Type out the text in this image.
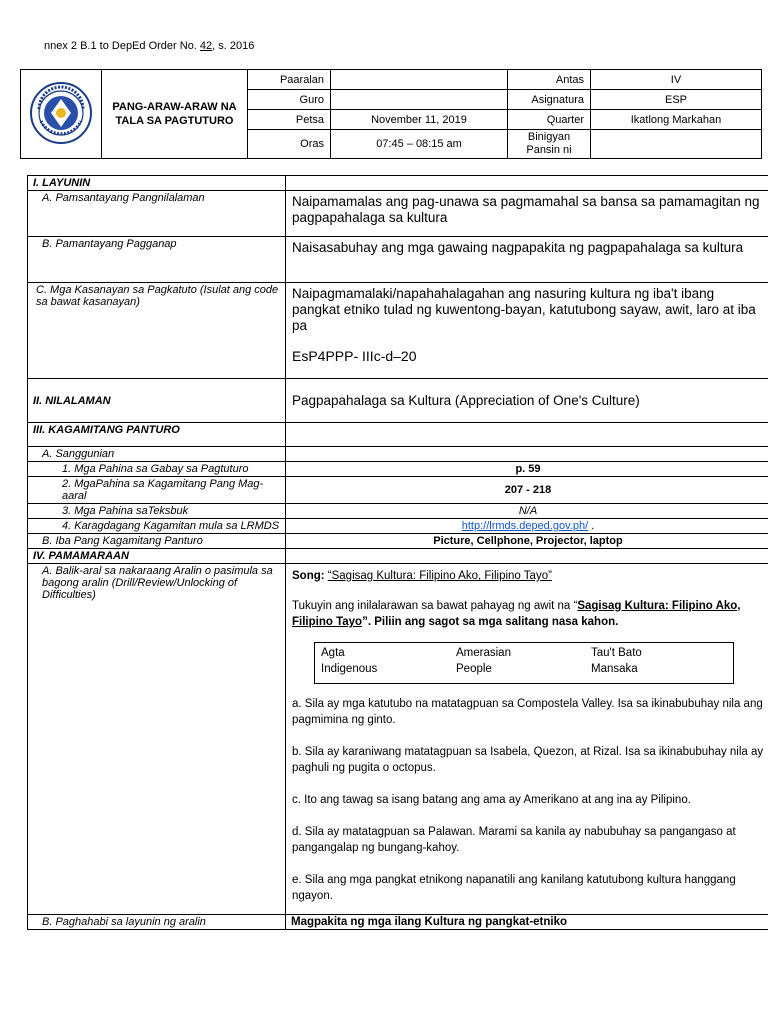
nnex 2 B.1 to DepEd Order No. 42, s. 2016
	PANG-ARAW-ARAW NA TALA SA PAGTUTURO	Paaralan		Antas	IV
		Guro		Asignatura	ESP
		Petsa	November 11, 2019	Quarter	Ikatlong Markahan
		Oras	07:45 – 08:15 am	Binigyan Pansin ni	
I. LAYUNIN	
A. Pamsantayang Pangnilalaman	Naipamamalas ang pag-unawa sa pagmamahal sa bansa sa pamamagitan ng pagpapahalaga sa kultura
B. Pamantayang Pagganap	Naisasabuhay ang mga gawaing nagpapakita ng pagpapahalaga sa kultura
C. Mga Kasanayan sa Pagkatuto (Isulat ang code sa bawat kasanayan)	Naipagmamalaki/napahahalagahan ang nasuring kultura ng iba't ibang pangkat etniko tulad ng kuwentong-bayan, katutubong sayaw, awit, laro at iba pa
EsP4PPP- IIIc-d–20

II. NILALAMAN	Pagpapahalaga sa Kultura (Appreciation of One's Culture)
III. KAGAMITANG PANTURO	
A. Sanggunian	
1. Mga Pahina sa Gabay sa Pagtuturo	p. 59
2. MgaPahina sa Kagamitang Pang Mag-aaral	207 - 218
3. Mga Pahina saTeksbuk	N/A
4. Karagdagang Kagamitan mula sa LRMDS	http://lrmds.deped.gov.ph/ .
B. Iba Pang Kagamitang Panturo	Picture, Cellphone, Projector, laptop
IV. PAMAMARAAN	
A. Balik-aral sa nakaraang Aralin o pasimula sa bagong aralin (Drill/Review/Unlocking of Difficulties)	

Song: “Sagisag Kultura: Filipino Ako, Filipino Tayo”

Tukuyin ang inilalarawan sa bawat pahayag ng awit na “Sagisag Kultura: Filipino Ako, Filipino Tayo”. Piliin ang sagot sa mga salitang nasa kahon.

Agta	Amerasian	Tau't Bato
Indigenous	People	Mansaka

a. Sila ay mga katutubo na matatagpuan sa Compostela Valley. Isa sa ikinabubuhay nila ang pagmimina ng ginto.

b. Sila ay karaniwang matatagpuan sa Isabela, Quezon, at Rizal. Isa sa ikinabubuhay nila ay paghuli ng pugita o octopus.

c. Ito ang tawag sa isang batang ang ama ay Amerikano at ang ina ay Pilipino.

d. Sila ay matatagpuan sa Palawan. Marami sa kanila ay nabubuhay sa pangangaso at pangangalap ng bungang-kahoy.

e. Sila ang mga pangkat etnikong napanatili ang kanilang katutubong kultura hanggang ngayon.

B. Paghahabi sa layunin ng aralin	Magpakita ng mga ilang Kultura ng pangkat-etniko
